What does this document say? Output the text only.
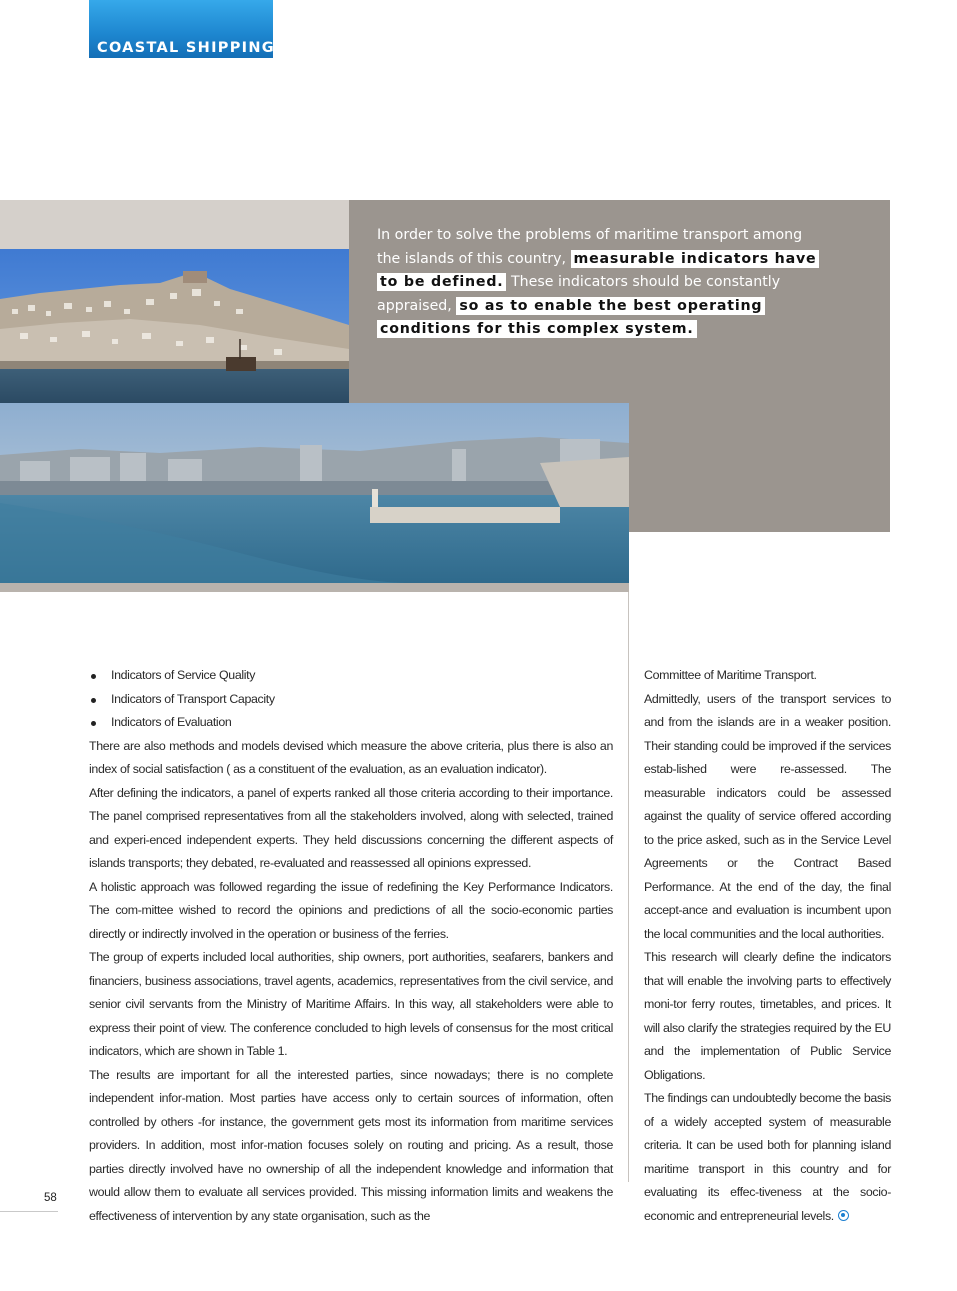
COASTAL SHIPPING
In order to solve the problems of maritime transport among the islands of this country, measurable indicators have to be defined. These indicators should be constantly appraised, so as to enable the best operating conditions for this complex system.
Indicators of Service Quality
Indicators of Transport Capacity
Indicators of Evaluation

There are also methods and models devised which measure the above criteria, plus there is also an index of social satisfaction ( as a constituent of the evaluation, as an evaluation indicator).

After defining the indicators, a panel of experts ranked all those criteria according to their importance. The panel comprised representatives from all the stakeholders involved, along with selected, trained and experi-enced independent experts. They held discussions concerning the different aspects of islands transports; they debated, re-evaluated and reassessed all opinions expressed.

A holistic approach was followed regarding the issue of redefining the Key Performance Indicators. The com-mittee wished to record the opinions and predictions of all the socio-economic parties directly or indirectly involved in the operation or business of the ferries.

The group of experts included local authorities, ship owners, port authorities, seafarers, bankers and financiers, business associations, travel agents, academics, representatives from the civil service, and senior civil servants from the Ministry of Maritime Affairs. In this way, all stakeholders were able to express their point of view. The conference concluded to high levels of consensus for the most critical indicators, which are shown in Table 1.

The results are important for all the interested parties, since nowadays; there is no complete independent infor-mation. Most parties have access only to certain sources of information, often controlled by others -for instance, the government gets most its information from maritime services providers. In addition, most infor-mation focuses solely on routing and pricing. As a result, those parties directly involved have no ownership of all the independent knowledge and information that would allow them to evaluate all services provided. This missing information limits and weakens the effectiveness of intervention by any state organisation, such as the

Committee of Maritime Transport.

Admittedly, users of the transport services to and from the islands are in a weaker position. Their standing could be improved if the services estab-lished were re-assessed. The measurable indicators could be assessed against the quality of service offered according to the price asked, such as in the Service Level Agreements or the Contract Based Performance. At the end of the day, the final accept-ance and evaluation is incumbent upon the local communities and the local authorities.

This research will clearly define the indicators that will enable the involving parts to effectively moni-tor ferry routes, timetables, and prices. It will also clarify the strategies required by the EU and the implementation of Public Service Obligations.

The findings can undoubtedly become the basis of a widely accepted system of measurable criteria. It can be used both for planning island maritime transport in this country and for evaluating its effec-tiveness at the socio-economic and entrepreneurial levels.

58
